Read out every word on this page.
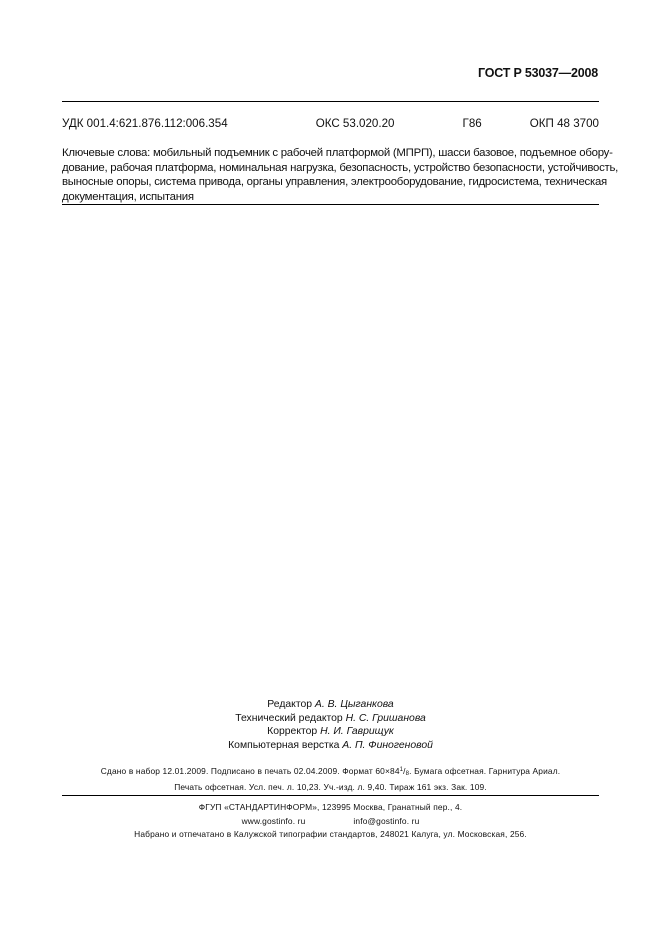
ГОСТ Р 53037—2008
УДК 001.4:621.876.112:006.354	ОКС 53.020.20	Г86	ОКП 48 3700
Ключевые слова: мобильный подъемник с рабочей платформой (МПРП), шасси базовое, подъемное обору-
дование, рабочая платформа, номинальная нагрузка, безопасность, устройство безопасности, устойчивость,
выносные опоры, система привода, органы управления, электрооборудование, гидросистема, техническая
документация, испытания
Редактор А. В. Цыганкова
Технический редактор Н. С. Гришанова
Корректор Н. И. Гаврищук
Компьютерная верстка А. П. Финогеновой
Сдано в набор 12.01.2009. Подписано в печать 02.04.2009. Формат $60\times 84^1/_8$. Бумага офсетная. Гарнитура Ариал.
Печать офсетная. Усл. печ. л. 10,23. Уч.-изд. л. 9,40. Тираж 161 экз. Зак. 109.
ФГУП «СТАНДАРТИНФОРМ», 123995 Москва, Гранатный пер., 4.
www.gostinfo. ru	info@gostinfo. ru
Набрано и отпечатано в Калужской типографии стандартов, 248021 Калуга, ул. Московская, 256.
